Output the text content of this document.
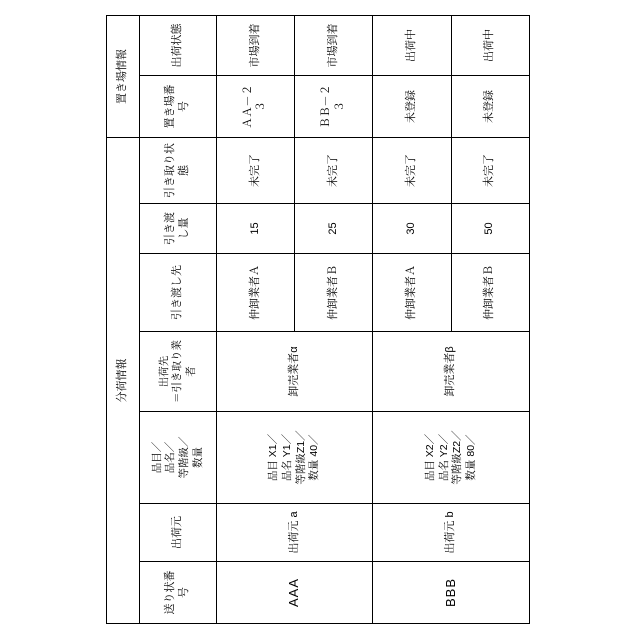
分荷情報							置き場情報	
送り状番号	出荷元	品目／
品名／
等階級／
数量	出荷先
＝引き取り業者	引き渡し先	引き渡し量	引き取り状態	置き場番号	出荷状態
AAA	出荷元 a	品目 X1／
品名 Y1／
等階級Z1／
数量 40／	卸売業者α	仲卸業者Ａ	15	未完了	ＡＡ－２３	市場到着
				仲卸業者Ｂ	25	未完了	ＢＢ－２３	市場到着
BBB	出荷元 b	品目 X2／
品名 Y2／
等階級Z2／
数量 80／	卸売業者β	仲卸業者Ａ	30	未完了	未登録	出荷中
				仲卸業者Ｂ	50	未完了	未登録	出荷中
